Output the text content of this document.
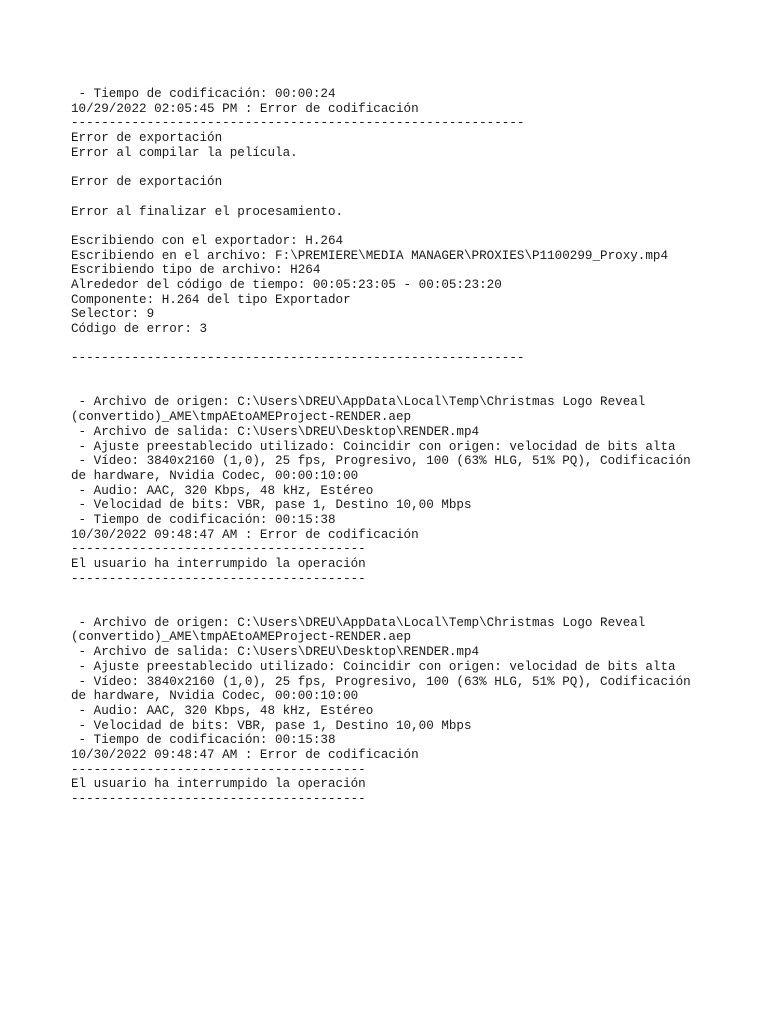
- Tiempo de codificación: 00:00:24
10/29/2022 02:05:45 PM : Error de codificación
------------------------------------------------------------
Error de exportación
Error al compilar la película.
Error de exportación
Error al finalizar el procesamiento.
Escribiendo con el exportador: H.264
Escribiendo en el archivo: F:\PREMIERE\MEDIA MANAGER\PROXIES\P1100299_Proxy.mp4
Escribiendo tipo de archivo: H264
Alrededor del código de tiempo: 00:05:23:05 - 00:05:23:20
Componente: H.264 del tipo Exportador
Selector: 9
Código de error: 3
------------------------------------------------------------
- Archivo de origen: C:\Users\DREU\AppData\Local\Temp\Christmas Logo Reveal
(convertido)_AME\tmpAEtoAMEProject-RENDER.aep
- Archivo de salida: C:\Users\DREU\Desktop\RENDER.mp4
- Ajuste preestablecido utilizado: Coincidir con origen: velocidad de bits alta
- Vídeo: 3840x2160 (1,0), 25 fps, Progresivo, 100 (63% HLG, 51% PQ), Codificación
de hardware, Nvidia Codec, 00:00:10:00
- Audio: AAC, 320 Kbps, 48 kHz, Estéreo
- Velocidad de bits: VBR, pase 1, Destino 10,00 Mbps
- Tiempo de codificación: 00:15:38
10/30/2022 09:48:47 AM : Error de codificación
---------------------------------------
El usuario ha interrumpido la operación
---------------------------------------
- Archivo de origen: C:\Users\DREU\AppData\Local\Temp\Christmas Logo Reveal
(convertido)_AME\tmpAEtoAMEProject-RENDER.aep
- Archivo de salida: C:\Users\DREU\Desktop\RENDER.mp4
- Ajuste preestablecido utilizado: Coincidir con origen: velocidad de bits alta
- Vídeo: 3840x2160 (1,0), 25 fps, Progresivo, 100 (63% HLG, 51% PQ), Codificación
de hardware, Nvidia Codec, 00:00:10:00
- Audio: AAC, 320 Kbps, 48 kHz, Estéreo
- Velocidad de bits: VBR, pase 1, Destino 10,00 Mbps
- Tiempo de codificación: 00:15:38
10/30/2022 09:48:47 AM : Error de codificación
---------------------------------------
El usuario ha interrumpido la operación
---------------------------------------
